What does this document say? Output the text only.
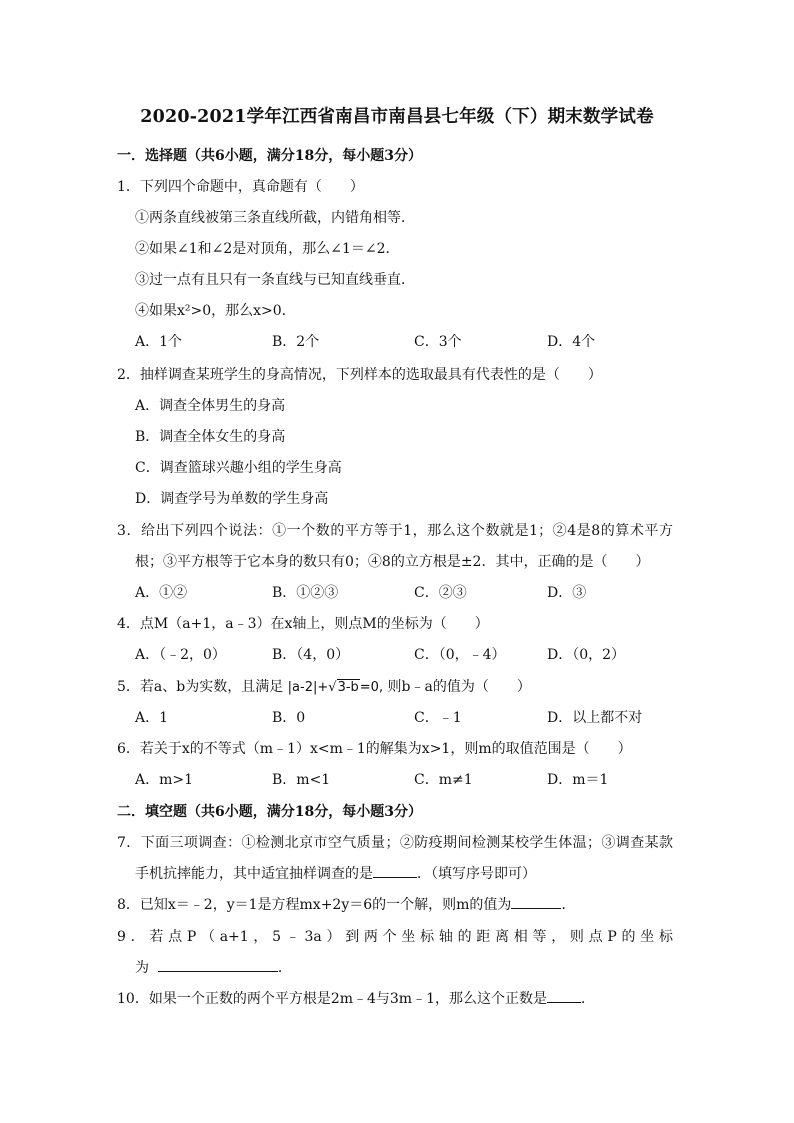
2020-2021学年江西省南昌市南昌县七年级（下）期末数学试卷
一．选择题（共6小题，满分18分，每小题3分）
1．下列四个命题中，真命题有（　　）
①两条直线被第三条直线所截，内错角相等．
②如果∠1和∠2是对顶角，那么∠1＝∠2．
③过一点有且只有一条直线与已知直线垂直．
④如果x²>0，那么x>0．
A．1个	B．2个	C．3个	D．4个
2．抽样调查某班学生的身高情况，下列样本的选取最具有代表性的是（　　）
A．调查全体男生的身高
B．调查全体女生的身高
C．调查篮球兴趣小组的学生身高
D．调查学号为单数的学生身高
3．给出下列四个说法：①一个数的平方等于1，那么这个数就是1；②4是8的算术平方
根；③平方根等于它本身的数只有0；④8的立方根是±2．其中，正确的是（　　）
A．①②	B．①②③	C．②③	D．③
4．点M（a+1，a﹣3）在x轴上，则点M的坐标为（　　）
A．（﹣2，0）	B．（4，0）	C．（0，﹣4）	D．（0，2）
5．若a、b为实数，且满足 |a-2|+√3-b=0, 则b﹣a的值为（　　）
A．1	B．0	C．﹣1	D．以上都不对
6．若关于x的不等式（m﹣1）x<m﹣1的解集为x>1，则m的取值范围是（　　）
A．m>1	B．m<1	C．m≠1	D．m＝1
二．填空题（共6小题，满分18分，每小题3分）
7．下面三项调查：①检测北京市空气质量；②防疫期间检测某校学生体温；③调查某款
手机抗摔能力，其中适宜抽样调查的是	．（填写序号即可）
8．已知x＝﹣2，y＝1是方程mx+2y＝6的一个解，则m的值为	．
9．若点P（a+1，5﹣3a）到两个坐标轴的距离相等，则点P的坐标
为	．
10．如果一个正数的两个平方根是2m﹣4与3m﹣1，那么这个正数是 ．
